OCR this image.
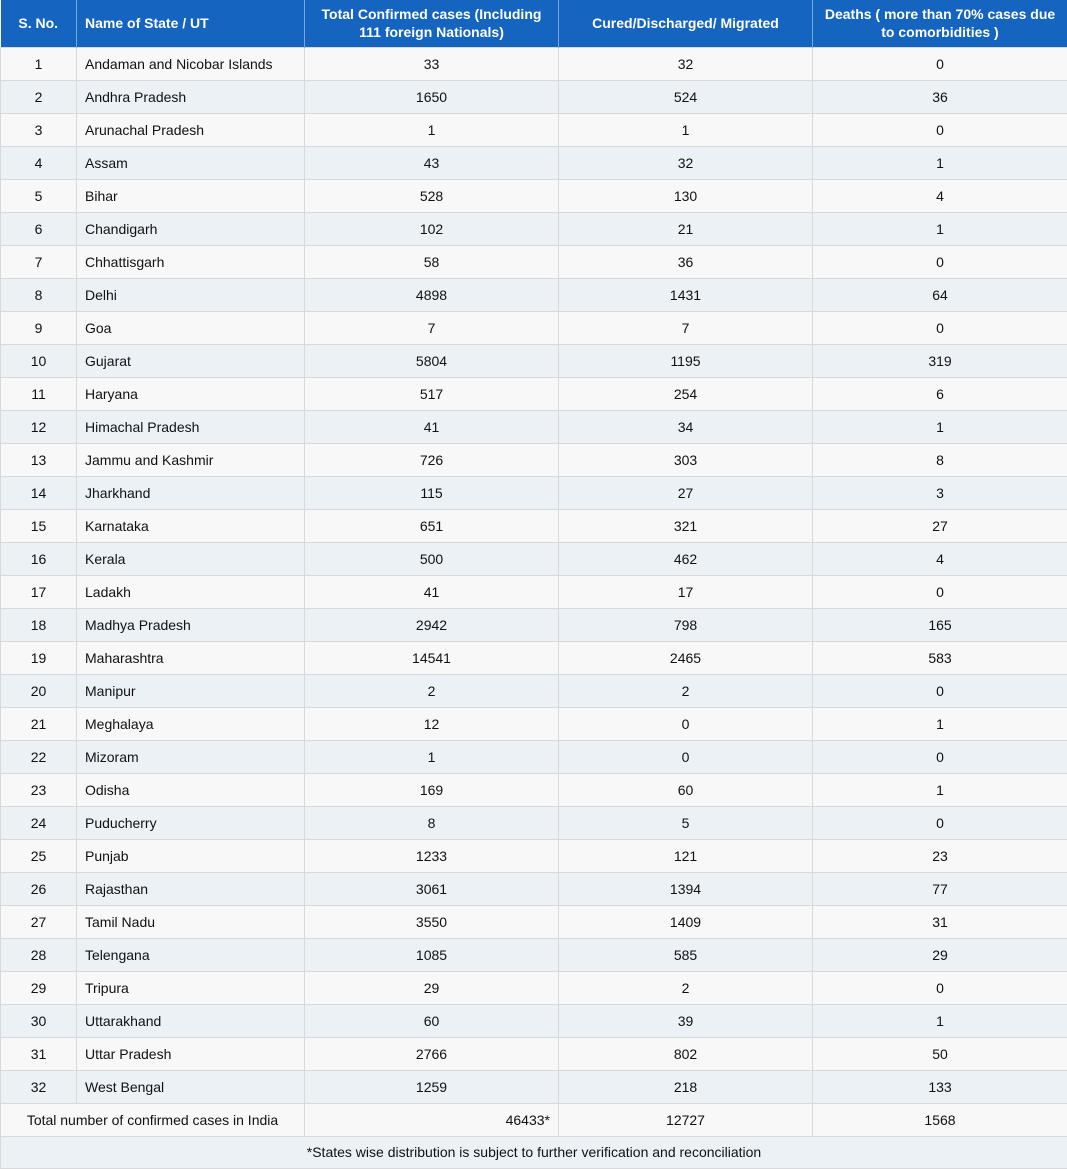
S. No.	Name of State / UT	Total Confirmed cases (Including 111 foreign Nationals)	Cured/Discharged/ Migrated	Deaths ( more than 70% cases due to comorbidities )
1	Andaman and Nicobar Islands	33	32	0
2	Andhra Pradesh	1650	524	36
3	Arunachal Pradesh	1	1	0
4	Assam	43	32	1
5	Bihar	528	130	4
6	Chandigarh	102	21	1
7	Chhattisgarh	58	36	0
8	Delhi	4898	1431	64
9	Goa	7	7	0
10	Gujarat	5804	1195	319
11	Haryana	517	254	6
12	Himachal Pradesh	41	34	1
13	Jammu and Kashmir	726	303	8
14	Jharkhand	115	27	3
15	Karnataka	651	321	27
16	Kerala	500	462	4
17	Ladakh	41	17	0
18	Madhya Pradesh	2942	798	165
19	Maharashtra	14541	2465	583
20	Manipur	2	2	0
21	Meghalaya	12	0	1
22	Mizoram	1	0	0
23	Odisha	169	60	1
24	Puducherry	8	5	0
25	Punjab	1233	121	23
26	Rajasthan	3061	1394	77
27	Tamil Nadu	3550	1409	31
28	Telengana	1085	585	29
29	Tripura	29	2	0
30	Uttarakhand	60	39	1
31	Uttar Pradesh	2766	802	50
32	West Bengal	1259	218	133
Total number of confirmed cases in India		46433*	12727	1568
*States wise distribution is subject to further verification and reconciliation				
